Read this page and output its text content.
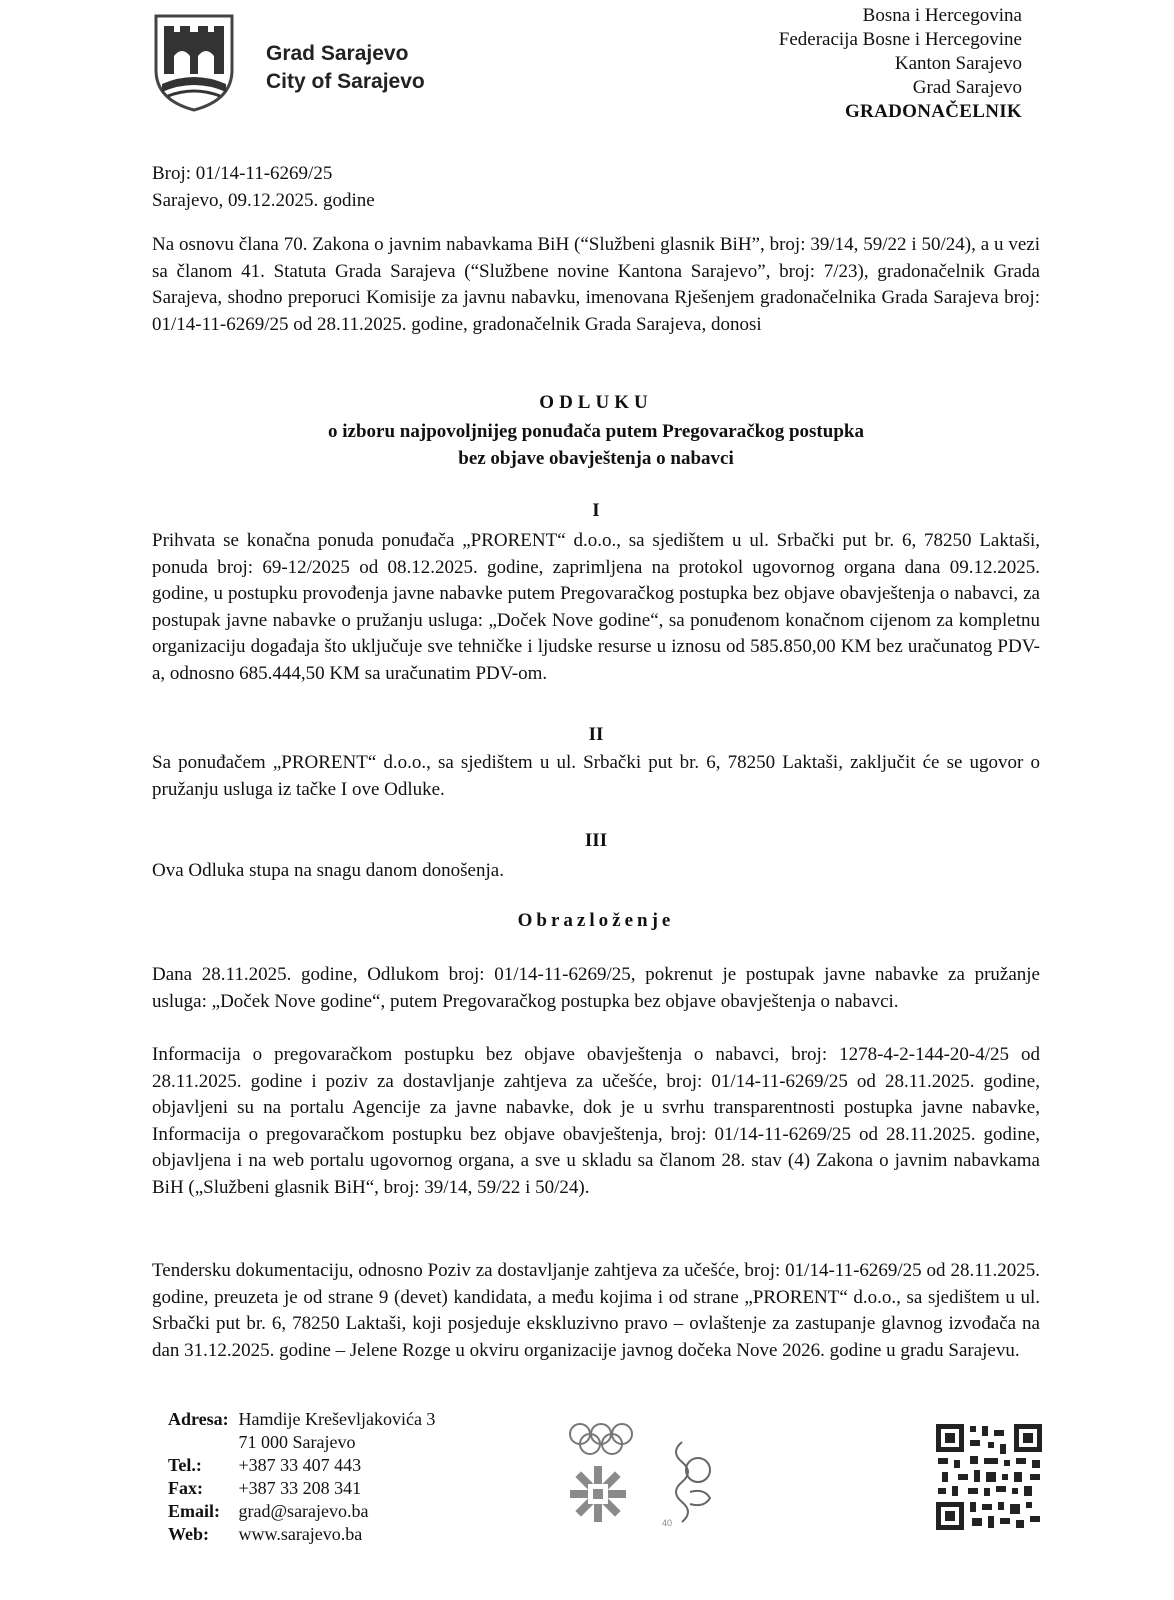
Grad Sarajevo
City of Sarajevo
Bosna i Hercegovina
Federacija Bosne i Hercegovine
Kanton Sarajevo
Grad Sarajevo
GRADONAČELNIK
Broj: 01/14-11-6269/25
Sarajevo, 09.12.2025. godine
Na osnovu člana 70. Zakona o javnim nabavkama BiH (“Službeni glasnik BiH”, broj: 39/14, 59/22 i 50/24), a u vezi sa članom 41. Statuta Grada Sarajeva (“Službene novine Kantona Sarajevo”, broj: 7/23), gradonačelnik Grada Sarajeva, shodno preporuci Komisije za javnu nabavku, imenovana Rješenjem gradonačelnika Grada Sarajeva broj: 01/14-11-6269/25 od 28.11.2025. godine, gradonačelnik Grada Sarajeva, donosi
ODLUKU
o izboru najpovoljnijeg ponuđača putem Pregovaračkog postupka
bez objave obavještenja o nabavci
I
Prihvata se konačna ponuda ponuđača „PRORENT“ d.o.o., sa sjedištem u ul. Srbački put br. 6, 78250 Laktaši, ponuda broj: 69-12/2025 od 08.12.2025. godine, zaprimljena na protokol ugovornog organa dana 09.12.2025. godine, u postupku provođenja javne nabavke putem Pregovaračkog postupka bez objave obavještenja o nabavci, za postupak javne nabavke o pružanju usluga: „Doček Nove godine“, sa ponuđenom konačnom cijenom za kompletnu organizaciju događaja što uključuje sve tehničke i ljudske resurse u iznosu od 585.850,00 KM bez uračunatog PDV-a, odnosno 685.444,50 KM sa uračunatim PDV-om.
II
Sa ponuđačem „PRORENT“ d.o.o., sa sjedištem u ul. Srbački put br. 6, 78250 Laktaši, zaključit će se ugovor o pružanju usluga iz tačke I ove Odluke.
III
Ova Odluka stupa na snagu danom donošenja.
Obrazloženje
Dana 28.11.2025. godine, Odlukom broj: 01/14-11-6269/25, pokrenut je postupak javne nabavke za pružanje usluga: „Doček Nove godine“, putem Pregovaračkog postupka bez objave obavještenja o nabavci.
Informacija o pregovaračkom postupku bez objave obavještenja o nabavci, broj: 1278-4-2-144-20-4/25 od 28.11.2025. godine i poziv za dostavljanje zahtjeva za učešće, broj: 01/14-11-6269/25 od 28.11.2025. godine, objavljeni su na portalu Agencije za javne nabavke, dok je u svrhu transparentnosti postupka javne nabavke, Informacija o pregovaračkom postupku bez objave obavještenja, broj: 01/14-11-6269/25 od 28.11.2025. godine, objavljena i na web portalu ugovornog organa, a sve u skladu sa članom 28. stav (4) Zakona o javnim nabavkama BiH („Službeni glasnik BiH“, broj: 39/14, 59/22 i 50/24).
Tendersku dokumentaciju, odnosno Poziv za dostavljanje zahtjeva za učešće, broj: 01/14-11-6269/25 od 28.11.2025. godine, preuzeta je od strane 9 (devet) kandidata, a među kojima i od strane „PRORENT“ d.o.o., sa sjedištem u ul. Srbački put br. 6, 78250 Laktaši, koji posjeduje ekskluzivno pravo – ovlaštenje za zastupanje glavnog izvođača na dan 31.12.2025. godine – Jelene Rozge u okviru organizacije javnog dočeka Nove 2026. godine u gradu Sarajevu.
Adresa: Hamdije Kreševljakovića 3
71 000 Sarajevo
Tel.: +387 33 407 443
Fax: +387 33 208 341
Email: grad@sarajevo.ba
Web: www.sarajevo.ba
40
